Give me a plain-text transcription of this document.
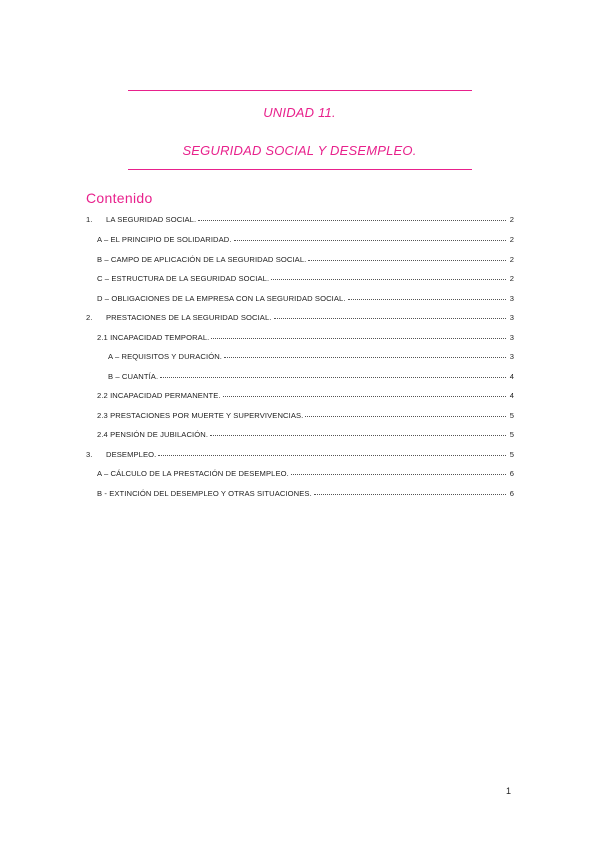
UNIDAD 11.
SEGURIDAD SOCIAL Y DESEMPLEO.
Contenido
1.	LA SEGURIDAD SOCIAL.	2
A – EL PRINCIPIO DE SOLIDARIDAD.	2
B – CAMPO DE APLICACIÓN DE LA SEGURIDAD SOCIAL.	2
C – ESTRUCTURA DE LA SEGURIDAD SOCIAL.	2
D – OBLIGACIONES DE LA EMPRESA CON LA SEGURIDAD SOCIAL.	3
2.	PRESTACIONES DE LA SEGURIDAD SOCIAL.	3
2.1 INCAPACIDAD TEMPORAL.	3
A – REQUISITOS Y DURACIÓN.	3
B – CUANTÍA.	4
2.2 INCAPACIDAD PERMANENTE.	4
2.3 PRESTACIONES POR MUERTE Y SUPERVIVENCIAS.	5
2.4 PENSIÓN DE JUBILACIÓN.	5
3.	DESEMPLEO.	5
A – CÁLCULO DE LA PRESTACIÓN DE DESEMPLEO.	6
B - EXTINCIÓN DEL DESEMPLEO Y OTRAS SITUACIONES.	6
1
